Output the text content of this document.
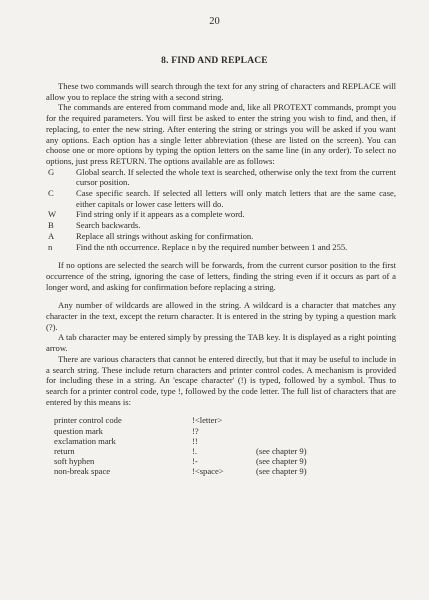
20
8. FIND AND REPLACE

These two commands will search through the text for any string of characters and REPLACE will allow you to replace the string with a second string.

The commands are entered from command mode and, like all PROTEXT commands, prompt you for the required parameters. You will first be asked to enter the string you wish to find, and then, if replacing, to enter the new string. After entering the string or strings you will be asked if you want any options. Each option has a single letter abbreviation (these are listed on the screen). You can choose one or more options by typing the option letters on the same line (in any order). To select no options, just press RETURN. The options available are as follows:

G	Global search. If selected the whole text is searched, otherwise only the text from the current cursor position.
C	Case specific search. If selected all letters will only match letters that are the same case, either capitals or lower case letters will do.
W	Find string only if it appears as a complete word.
B	Search backwards.
A	Replace all strings without asking for confirmation.
n	Find the nth occurrence. Replace n by the required number between 1 and 255.

If no options are selected the search will be forwards, from the current cursor position to the first occurrence of the string, ignoring the case of letters, finding the string even if it occurs as part of a longer word, and asking for confirmation before replacing a string.

Any number of wildcards are allowed in the string. A wildcard is a character that matches any character in the text, except the return character. It is entered in the string by typing a question mark (?).

A tab character may be entered simply by pressing the TAB key. It is displayed as a right pointing arrow.

There are various characters that cannot be entered directly, but that it may be useful to include in a search string. These include return characters and printer control codes. A mechanism is provided for including these in a string. An 'escape character' (!) is typed, followed by a symbol. Thus to search for a printer control code, type !, followed by the code letter. The full list of characters that are entered by this means is:

printer control code	!<letter>
question mark	!?
exclamation mark	!!
return	!.	(see chapter 9)
soft hyphen	!-	(see chapter 9)
non-break space	!<space>	(see chapter 9)
